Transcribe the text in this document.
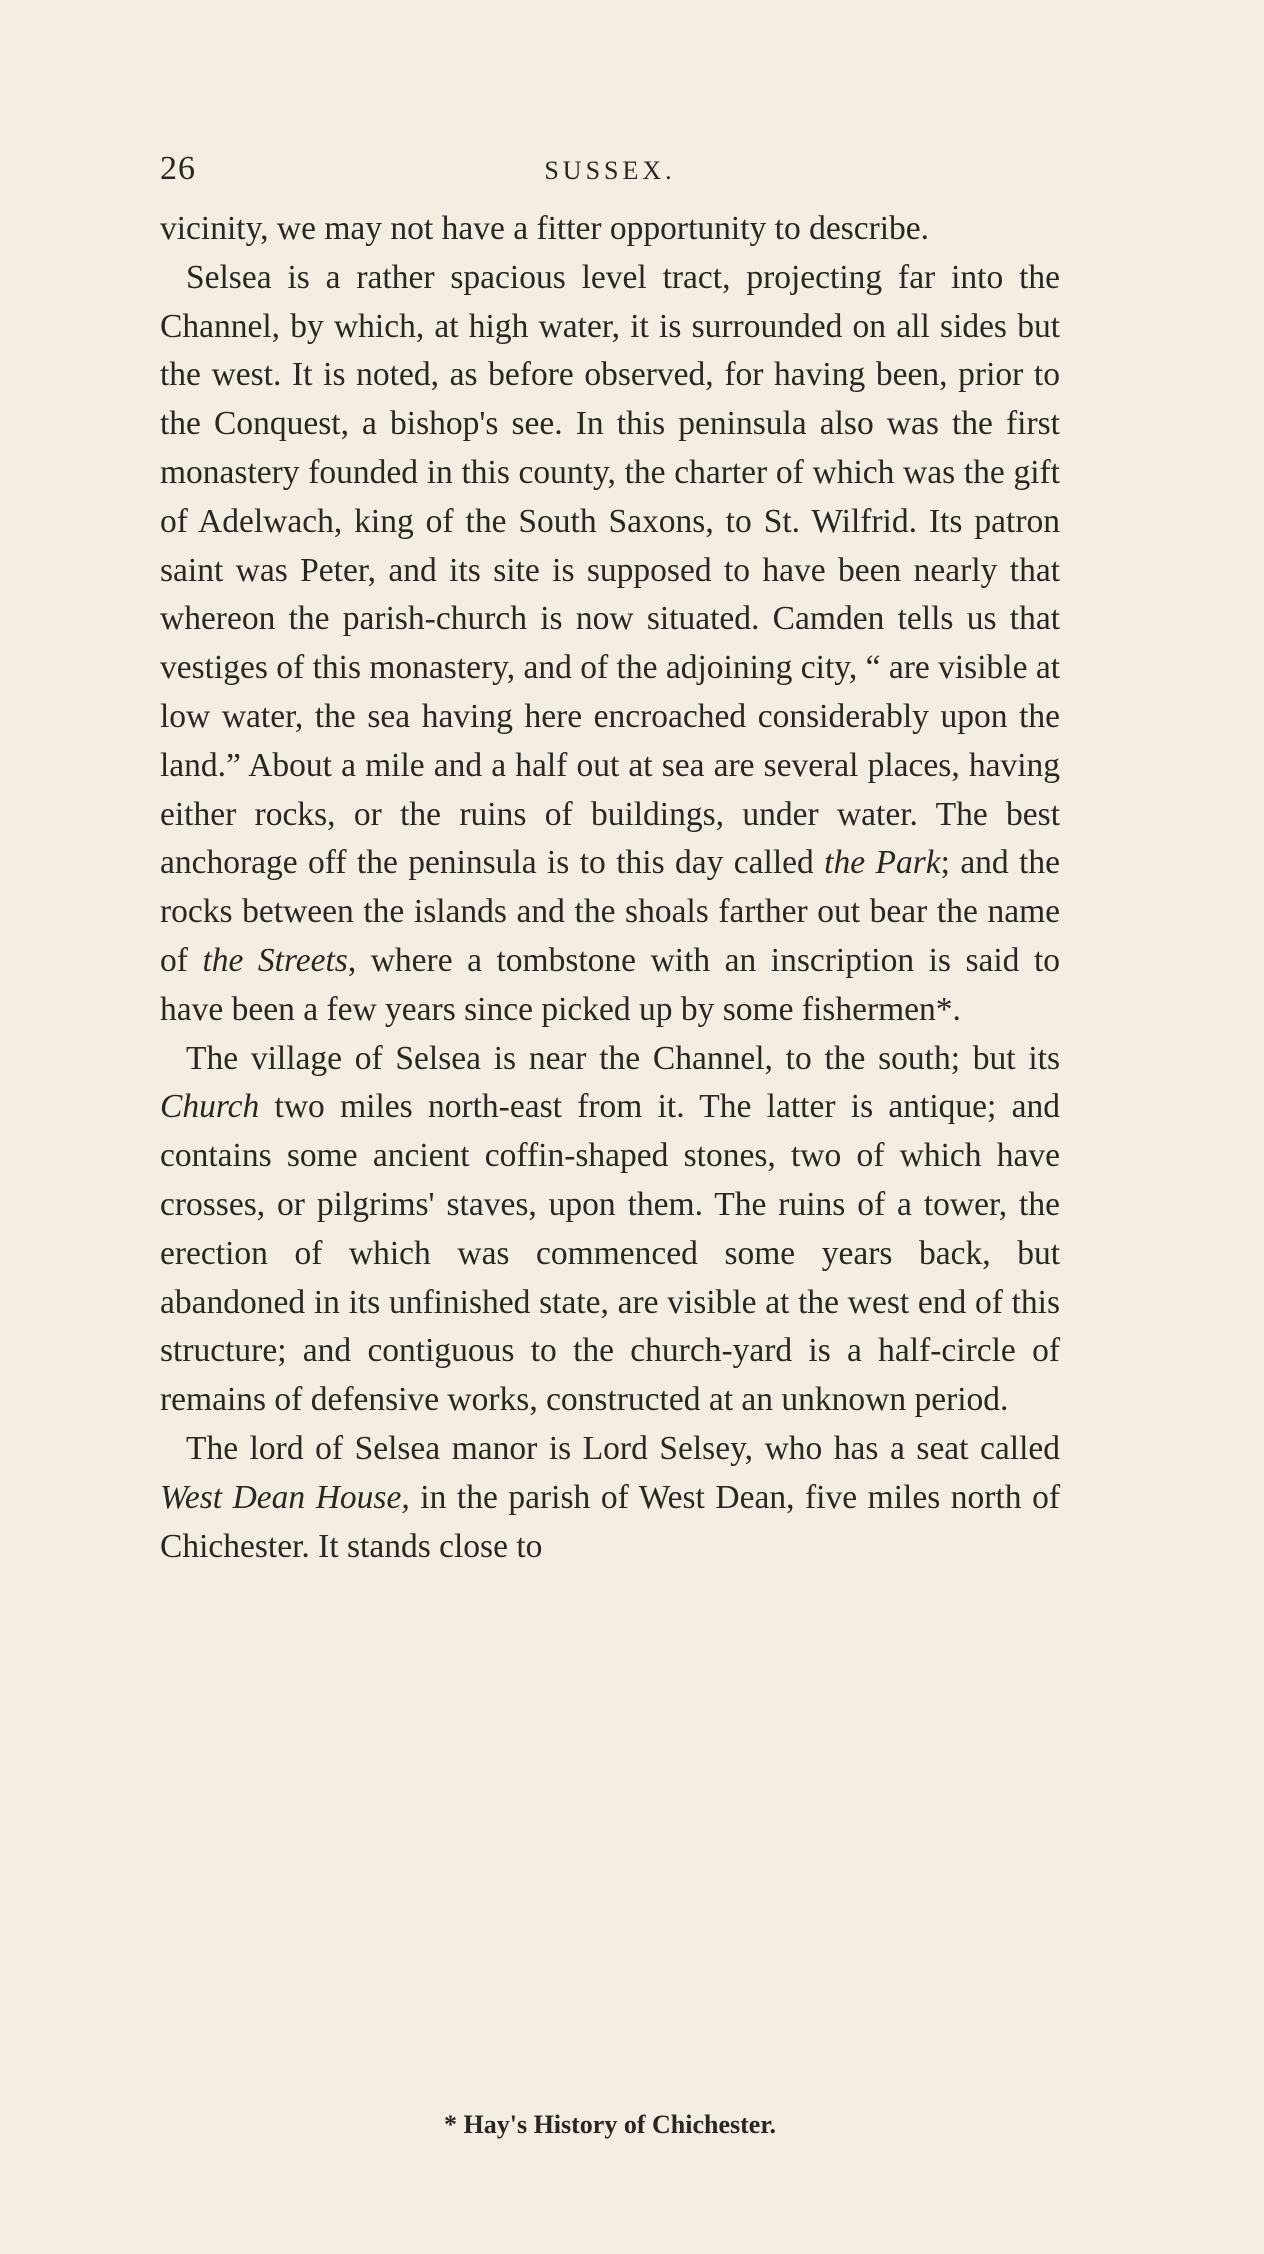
26	SUSSEX.

vicinity, we may not have a fitter opportunity to describe.

Selsea is a rather spacious level tract, projecting far into the Channel, by which, at high water, it is surrounded on all sides but the west. It is noted, as before observed, for having been, prior to the Conquest, a bishop's see. In this peninsula also was the first monastery founded in this county, the charter of which was the gift of Adelwach, king of the South Saxons, to St. Wilfrid. Its patron saint was Peter, and its site is supposed to have been nearly that whereon the parish-church is now situated. Camden tells us that vestiges of this monastery, and of the adjoining city, “ are visible at low water, the sea having here encroached considerably upon the land.” About a mile and a half out at sea are several places, having either rocks, or the ruins of buildings, under water. The best anchorage off the peninsula is to this day called the Park; and the rocks between the islands and the shoals farther out bear the name of the Streets, where a tombstone with an inscription is said to have been a few years since picked up by some fishermen*.

The village of Selsea is near the Channel, to the south; but its Church two miles north-east from it. The latter is antique; and contains some ancient coffin-shaped stones, two of which have crosses, or pilgrims' staves, upon them. The ruins of a tower, the erection of which was commenced some years back, but abandoned in its unfinished state, are visible at the west end of this structure; and contiguous to the church-yard is a half-circle of remains of defensive works, constructed at an unknown period.

The lord of Selsea manor is Lord Selsey, who has a seat called West Dean House, in the parish of West Dean, five miles north of Chichester. It stands close to

* Hay's History of Chichester.
